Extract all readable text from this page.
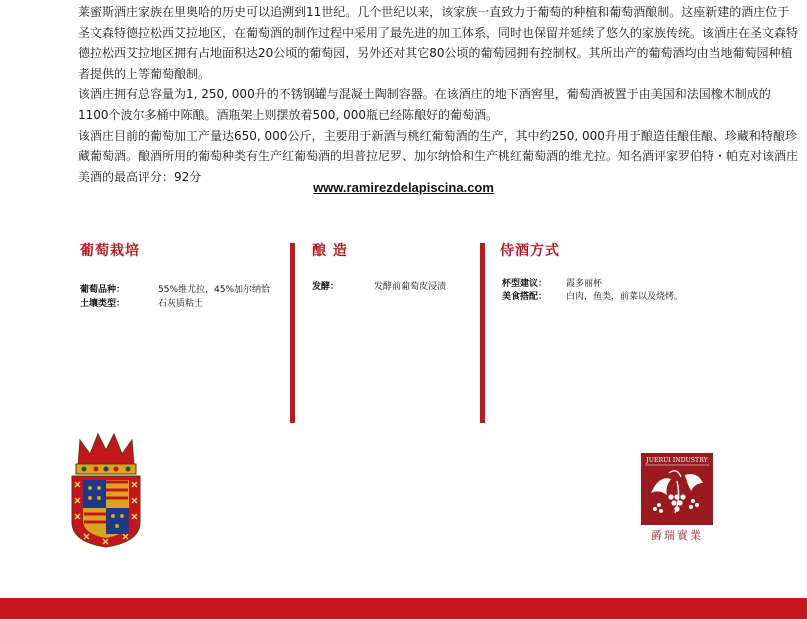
莱蜜斯酒庄家族在里奥哈的历史可以追溯到11世纪。几个世纪以来，该家族一直致力于葡萄的种植和葡萄酒酿制。这座新建的酒庄位于圣文森特德拉松西艾拉地区，在葡萄酒的制作过程中采用了最先进的加工体系，同时也保留并延续了悠久的家族传统。该酒庄在圣文森特德拉松西艾拉地区拥有占地面积达20公顷的葡萄园，另外还对其它80公顷的葡萄园拥有控制权。其所出产的葡萄酒均由当地葡萄园种植者提供的上等葡萄酿制。

该酒庄拥有总容量为1, 250, 000升的不锈钢罐与混凝土陶制容器。在该酒庄的地下酒窖里，葡萄酒被置于由美国和法国橡木制成的1100个波尔多桶中陈酿。酒瓶架上则摆放着500, 000瓶已经陈酿好的葡萄酒。

该酒庄目前的葡萄加工产量达650, 000公斤，主要用于新酒与桃红葡萄酒的生产，其中约250, 000升用于酿造佳酿佳酿、珍藏和特酿珍藏葡萄酒。酿酒所用的葡萄种类有生产红葡萄酒的坦普拉尼罗、加尔纳恰和生产桃红葡萄酒的维尤拉。知名酒评家罗伯特・帕克对该酒庄美酒的最高评分：92分

www.ramirezdelapiscina.com
葡萄栽培
葡萄品种：	55%维尤拉，45%加尔纳恰
土壤类型：	石灰质粘土
酿 造
发酵：	发酵前葡萄皮浸渍
侍酒方式
杯型建议： 霞多丽杯
美食搭配： 白肉，鱼类，前菜以及烧烤。
JUERUI INDUSTRY
爵瑞實業
